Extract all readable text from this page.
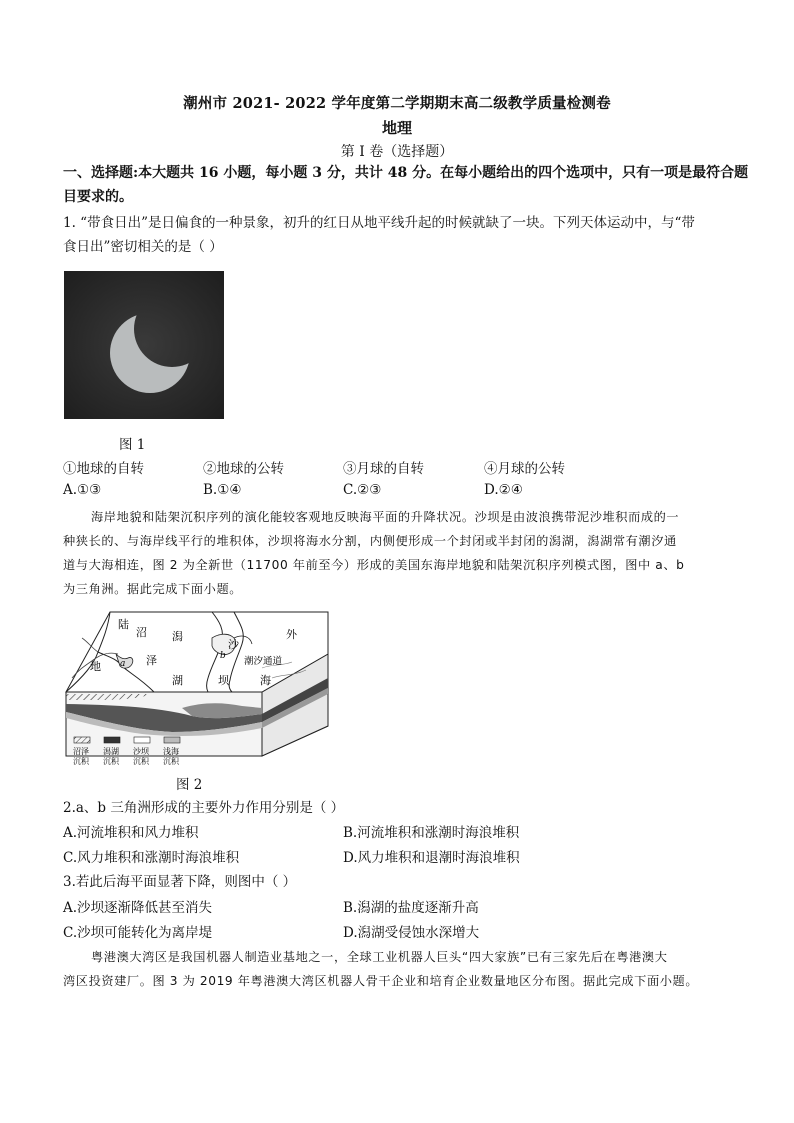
潮州市 2021- 2022 学年度第二学期期末高二级教学质量检测卷
地理
第 I 卷（选择题）
一、选择题:本大题共 16 小题，每小题 3 分，共计 48 分。在每小题给出的四个选项中，只有一项是最符合题
目要求的。
1. “带食日出”是日偏食的一种景象，初升的红日从地平线升起的时候就缺了一块。下列天体运动中，与“带
食日出”密切相关的是（ ）
图 1
①地球的自转	②地球的公转	③月球的自转	④月球的公转
A.①③	B.①④	C.②③	D.②④
海岸地貌和陆架沉积序列的演化能较客观地反映海平面的升降状况。沙坝是由波浪携带泥沙堆积而成的一
种狭长的、与海岸线平行的堆积体，沙坝将海水分割，内侧便形成一个封闭或半封闭的潟湖，潟湖常有潮汐通
道与大海相连，图 2 为全新世（11700 年前至今）形成的美国东海岸地貌和陆架沉积序列模式图，图中 a、b
为三角洲。据此完成下面小题。
陆
沼 潟	外
地 a 泽
沙
b 潮汐通道
湖	坝	海
沼泽
沉积
潟湖
沉积
沙坝
沉积
浅海
沉积
图 2
2.a、b 三角洲形成的主要外力作用分别是（ ）
A.河流堆积和风力堆积	B.河流堆积和涨潮时海浪堆积
C.风力堆积和涨潮时海浪堆积	D.风力堆积和退潮时海浪堆积
3.若此后海平面显著下降，则图中（ ）
A.沙坝逐渐降低甚至消失	B.潟湖的盐度逐渐升高
C.沙坝可能转化为离岸堤	D.潟湖受侵蚀水深增大
粤港澳大湾区是我国机器人制造业基地之一，全球工业机器人巨头“四大家族”已有三家先后在粤港澳大
湾区投资建厂。图 3 为 2019 年粤港澳大湾区机器人骨干企业和培育企业数量地区分布图。据此完成下面小题。
